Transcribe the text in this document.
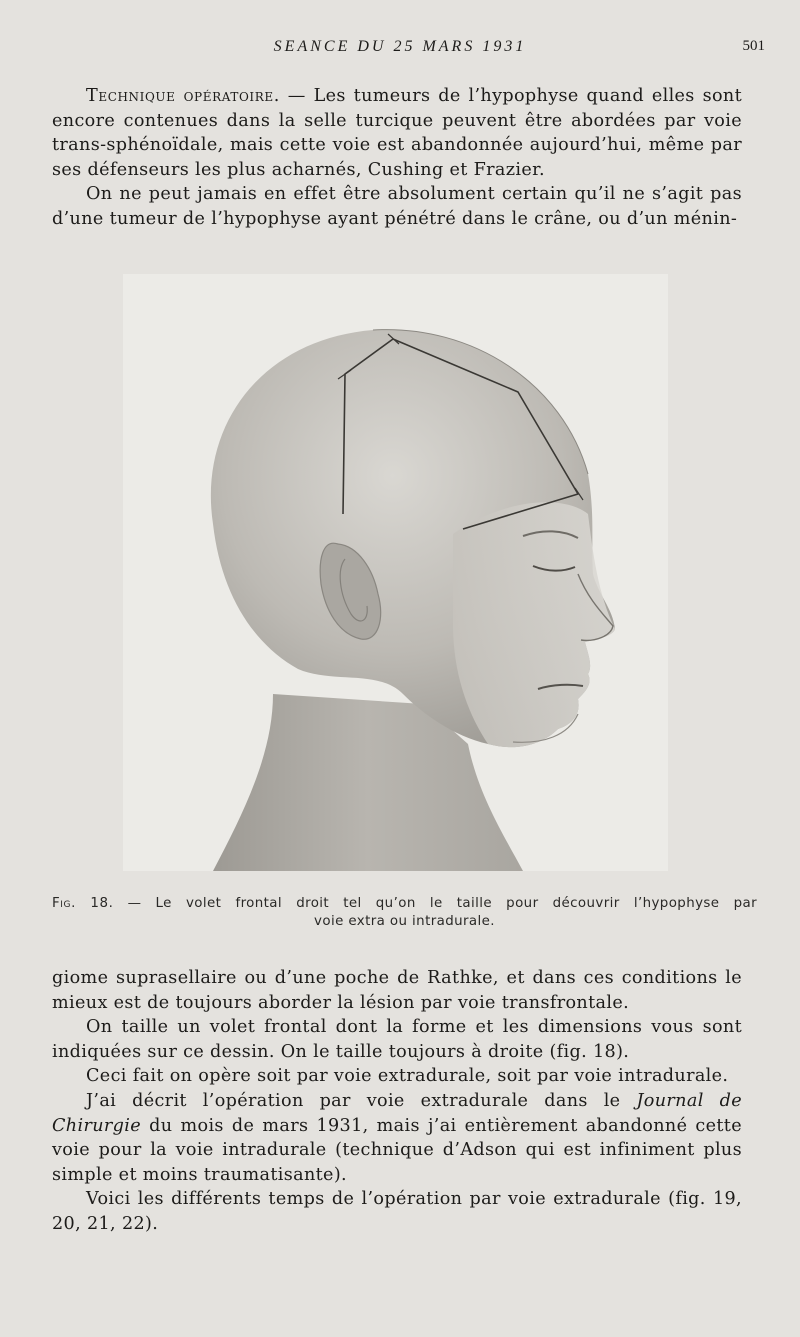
SEANCE DU 25 MARS 1931	501

Technique opératoire. — Les tumeurs de l’hypophyse quand elles sont encore contenues dans la selle turcique peuvent être abordées par voie trans-sphénoïdale, mais cette voie est abandonnée aujourd’hui, même par ses défenseurs les plus acharnés, Cushing et Frazier.

On ne peut jamais en effet être absolument certain qu’il ne s’agit pas d’une tumeur de l’hypophyse ayant pénétré dans le crâne, ou d’un ménin-

Fig. 18. — Le volet frontal droit tel qu’on le taille pour découvrir l’hypophyse par
voie extra ou intradurale.

giome suprasellaire ou d’une poche de Rathke, et dans ces conditions le mieux est de toujours aborder la lésion par voie transfrontale.

On taille un volet frontal dont la forme et les dimensions vous sont indiquées sur ce dessin. On le taille toujours à droite (fig. 18).

Ceci fait on opère soit par voie extradurale, soit par voie intradurale.

J’ai décrit l’opération par voie extradurale dans le Journal de Chirurgie du mois de mars 1931, mais j’ai entièrement abandonné cette voie pour la voie intradurale (technique d’Adson qui est infiniment plus simple et moins traumatisante).

Voici les différents temps de l’opération par voie extradurale (fig. 19, 20, 21, 22).
